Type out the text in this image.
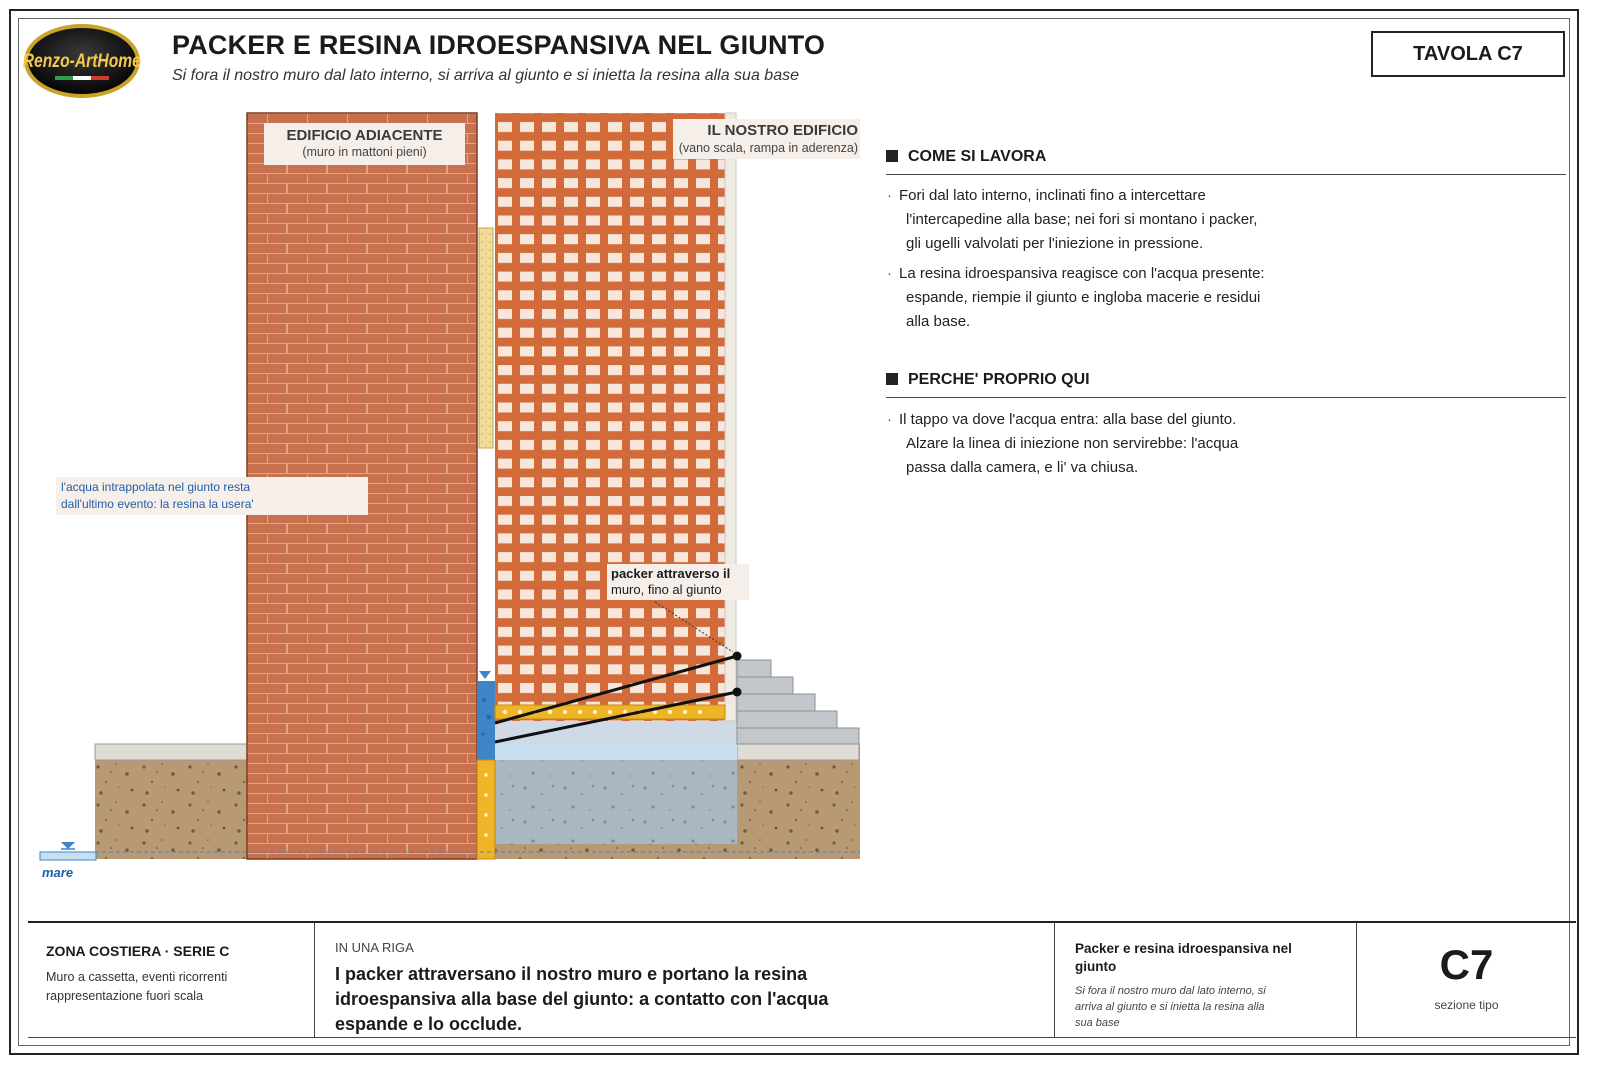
Renzo-ArtHome
PACKER E RESINA IDROESPANSIVA NEL GIUNTO
Si fora il nostro muro dal lato interno, si arriva al giunto e si inietta la resina alla sua base
TAVOLA C7
EDIFICIO ADIACENTE
(muro in mattoni pieni)
IL NOSTRO EDIFICIO
(vano scala, rampa in aderenza)
l'acqua intrappolata nel giunto resta
dall'ultimo evento: la resina la usera'
packer attraverso il
muro, fino al giunto
mare
COME SI LAVORA
· Fori dal lato interno, inclinati fino a intercettare
l'intercapedine alla base; nei fori si montano i packer,
gli ugelli valvolati per l'iniezione in pressione.
· La resina idroespansiva reagisce con l'acqua presente:
espande, riempie il giunto e ingloba macerie e residui
alla base.
PERCHE' PROPRIO QUI
· Il tappo va dove l'acqua entra: alla base del giunto.
Alzare la linea di iniezione non servirebbe: l'acqua
passa dalla camera, e li' va chiusa.
ZONA COSTIERA · SERIE C
Muro a cassetta, eventi ricorrenti
rappresentazione fuori scala
IN UNA RIGA
I packer attraversano il nostro muro e portano la resina
idroespansiva alla base del giunto: a contatto con l'acqua
espande e lo occlude.
Packer e resina idroespansiva nel
giunto
Si fora il nostro muro dal lato interno, si
arriva al giunto e si inietta la resina alla
sua base
C7
sezione tipo
